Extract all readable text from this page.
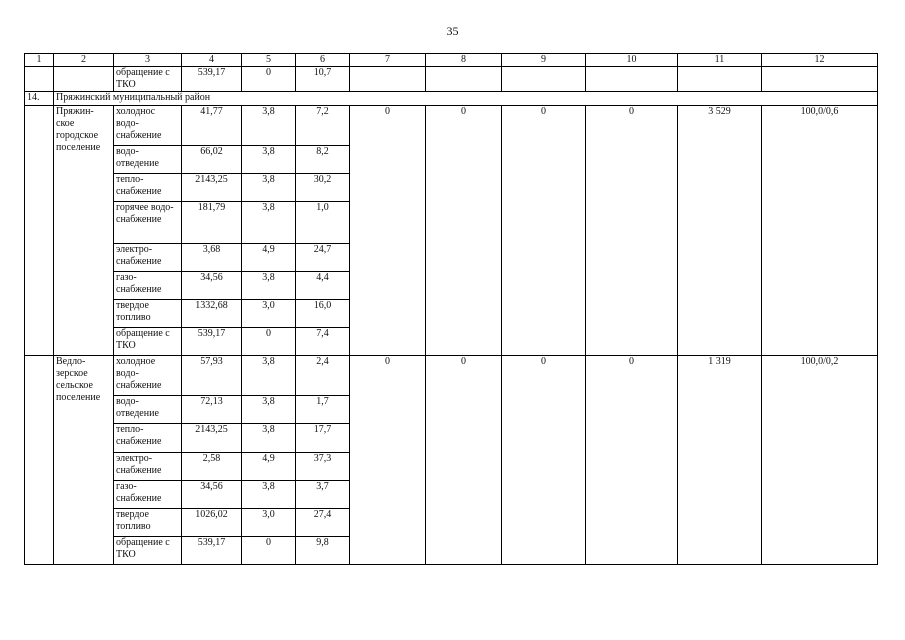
35
1	2	3	4	5	6	7	8	9	10	11	12
		обращение с ТКО	539,17	0	10,7						
14.	Пряжинский муниципальный район										
	Пряжин-ское городское поселение	холодноc водо-снабжение	41,77	3,8	7,2	0	0	0	0	3 529	100,0/0,6
		водо-отведение	66,02	3,8	8,2						
		тепло-снабжение	2143,25	3,8	30,2						
		горячее водо-снабжение	181,79	3,8	1,0						
		электро-снабжение	3,68	4,9	24,7						
		газо-снабжение	34,56	3,8	4,4						
		твердое топливо	1332,68	3,0	16,0						
		обращение с ТКО	539,17	0	7,4						
	Ведло-зерское сельское поселение	холодное водо-снабжение	57,93	3,8	2,4	0	0	0	0	1 319	100,0/0,2
		водо-отведение	72,13	3,8	1,7						
		тепло-снабжение	2143,25	3,8	17,7						
		электро-снабжение	2,58	4,9	37,3						
		газо-снабжение	34,56	3,8	3,7						
		твердое топливо	1026,02	3,0	27,4						
		обращение с ТКО	539,17	0	9,8						
